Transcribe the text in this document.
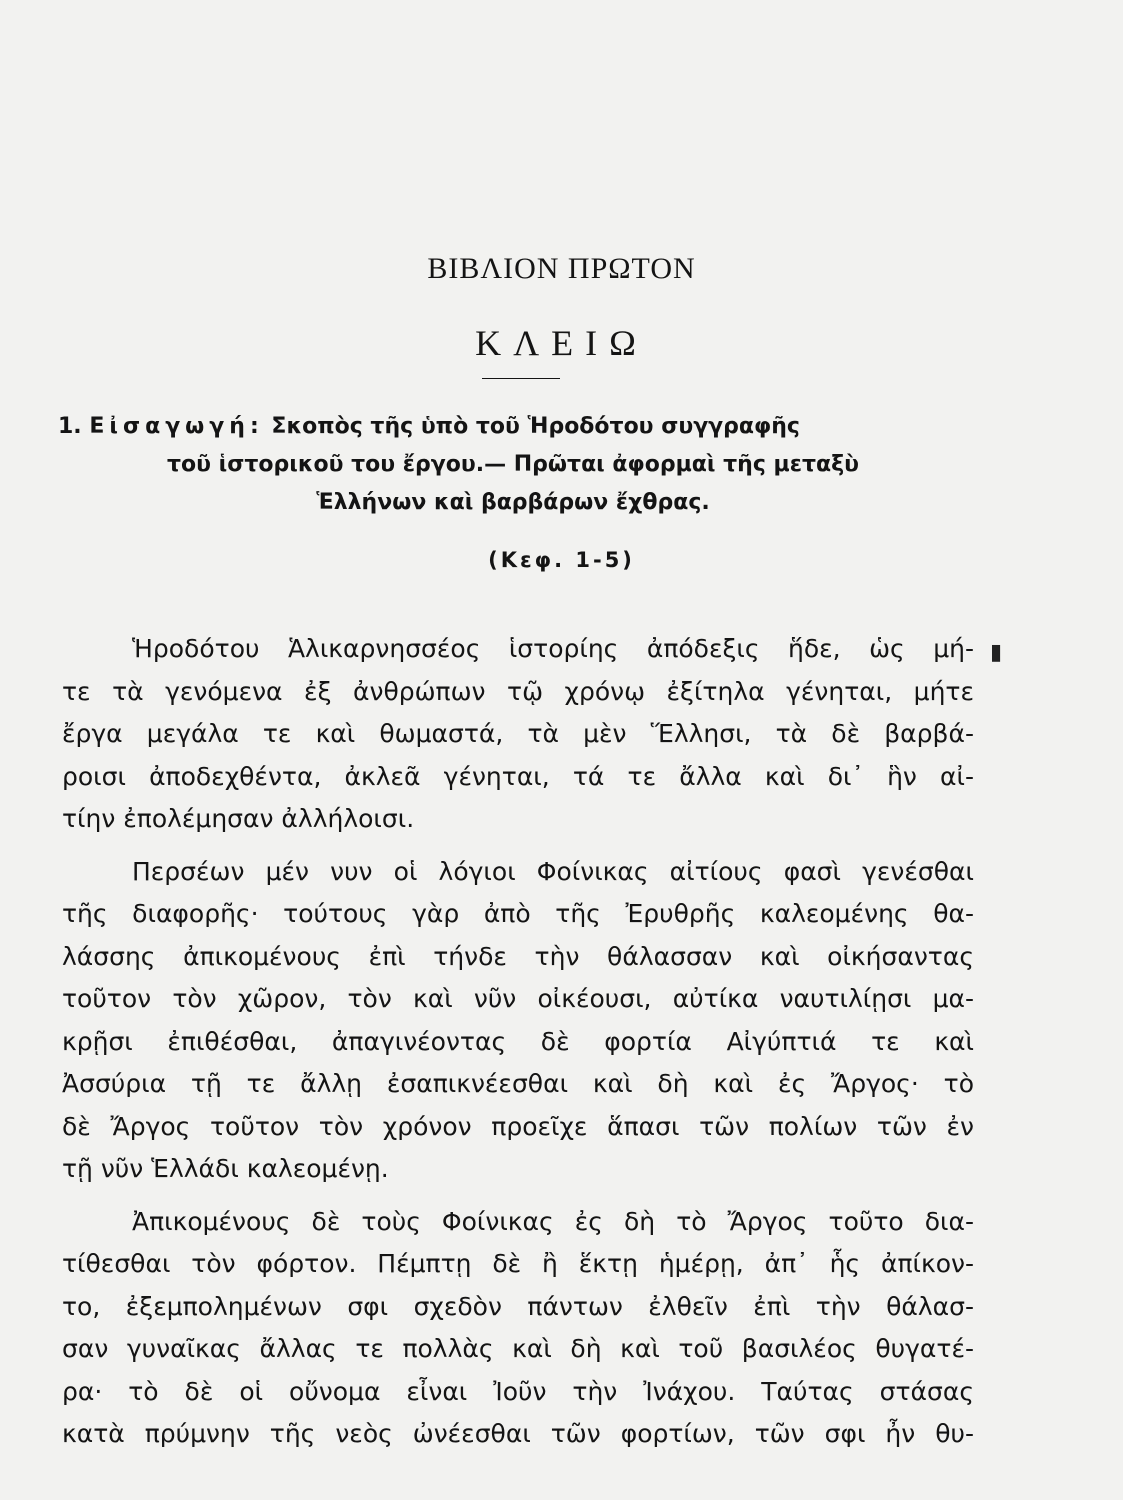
ΒΙΒΛΙΟΝ ΠΡΩΤΟΝ
ΚΛΕΙΩ
1. Εἰσαγωγή: Σκοπὸς τῆς ὑπὸ τοῦ Ἡροδότου συγγραφῆς
τοῦ ἱστορικοῦ του ἔργου.— Πρῶται ἀφορμαὶ τῆς μεταξὺ
Ἑλλήνων καὶ βαρβάρων ἔχθρας.
(Κεφ. 1-5)
Ἡροδότου Ἁλικαρνησσέος ἱστορίης ἀπόδεξις ἥδε, ὡς μή-
τε τὰ γενόμενα ἐξ ἀνθρώπων τῷ χρόνῳ ἐξίτηλα γένηται, μήτε
ἔργα μεγάλα τε καὶ θωμαστά, τὰ μὲν Ἕλλησι, τὰ δὲ βαρβά-
ροισι ἀποδεχθέντα, ἀκλεᾶ γένηται, τά τε ἄλλα καὶ δι᾽ ἣν αἰ-
τίην ἐπολέμησαν ἀλλήλοισι.
Περσέων μέν νυν οἱ λόγιοι Φοίνικας αἰτίους φασὶ γενέσθαι
τῆς διαφορῆς· τούτους γὰρ ἀπὸ τῆς Ἐρυθρῆς καλεομένης θα-
λάσσης ἀπικομένους ἐπὶ τήνδε τὴν θάλασσαν καὶ οἰκήσαντας
τοῦτον τὸν χῶρον, τὸν καὶ νῦν οἰκέουσι, αὐτίκα ναυτιλίῃσι μα-
κρῇσι ἐπιθέσθαι, ἀπαγινέοντας δὲ φορτία Αἰγύπτιά τε καὶ
Ἀσσύρια τῇ τε ἄλλῃ ἐσαπικνέεσθαι καὶ δὴ καὶ ἐς Ἄργος· τὸ
δὲ Ἄργος τοῦτον τὸν χρόνον προεῖχε ἅπασι τῶν πολίων τῶν ἐν
τῇ νῦν Ἑλλάδι καλεομένῃ.
Ἀπικομένους δὲ τοὺς Φοίνικας ἐς δὴ τὸ Ἄργος τοῦτο δια-
τίθεσθαι τὸν φόρτον. Πέμπτῃ δὲ ἢ ἕκτῃ ἡμέρῃ, ἀπ᾽ ἧς ἀπίκον-
το, ἐξεμπολημένων σφι σχεδὸν πάντων ἐλθεῖν ἐπὶ τὴν θάλασ-
σαν γυναῖκας ἄλλας τε πολλὰς καὶ δὴ καὶ τοῦ βασιλέος θυγατέ-
ρα· τὸ δὲ οἱ οὔνομα εἶναι Ἰοῦν τὴν Ἰνάχου. Ταύτας στάσας
κατὰ πρύμνην τῆς νεὸς ὠνέεσθαι τῶν φορτίων, τῶν σφι ἦν θυ-
▮
